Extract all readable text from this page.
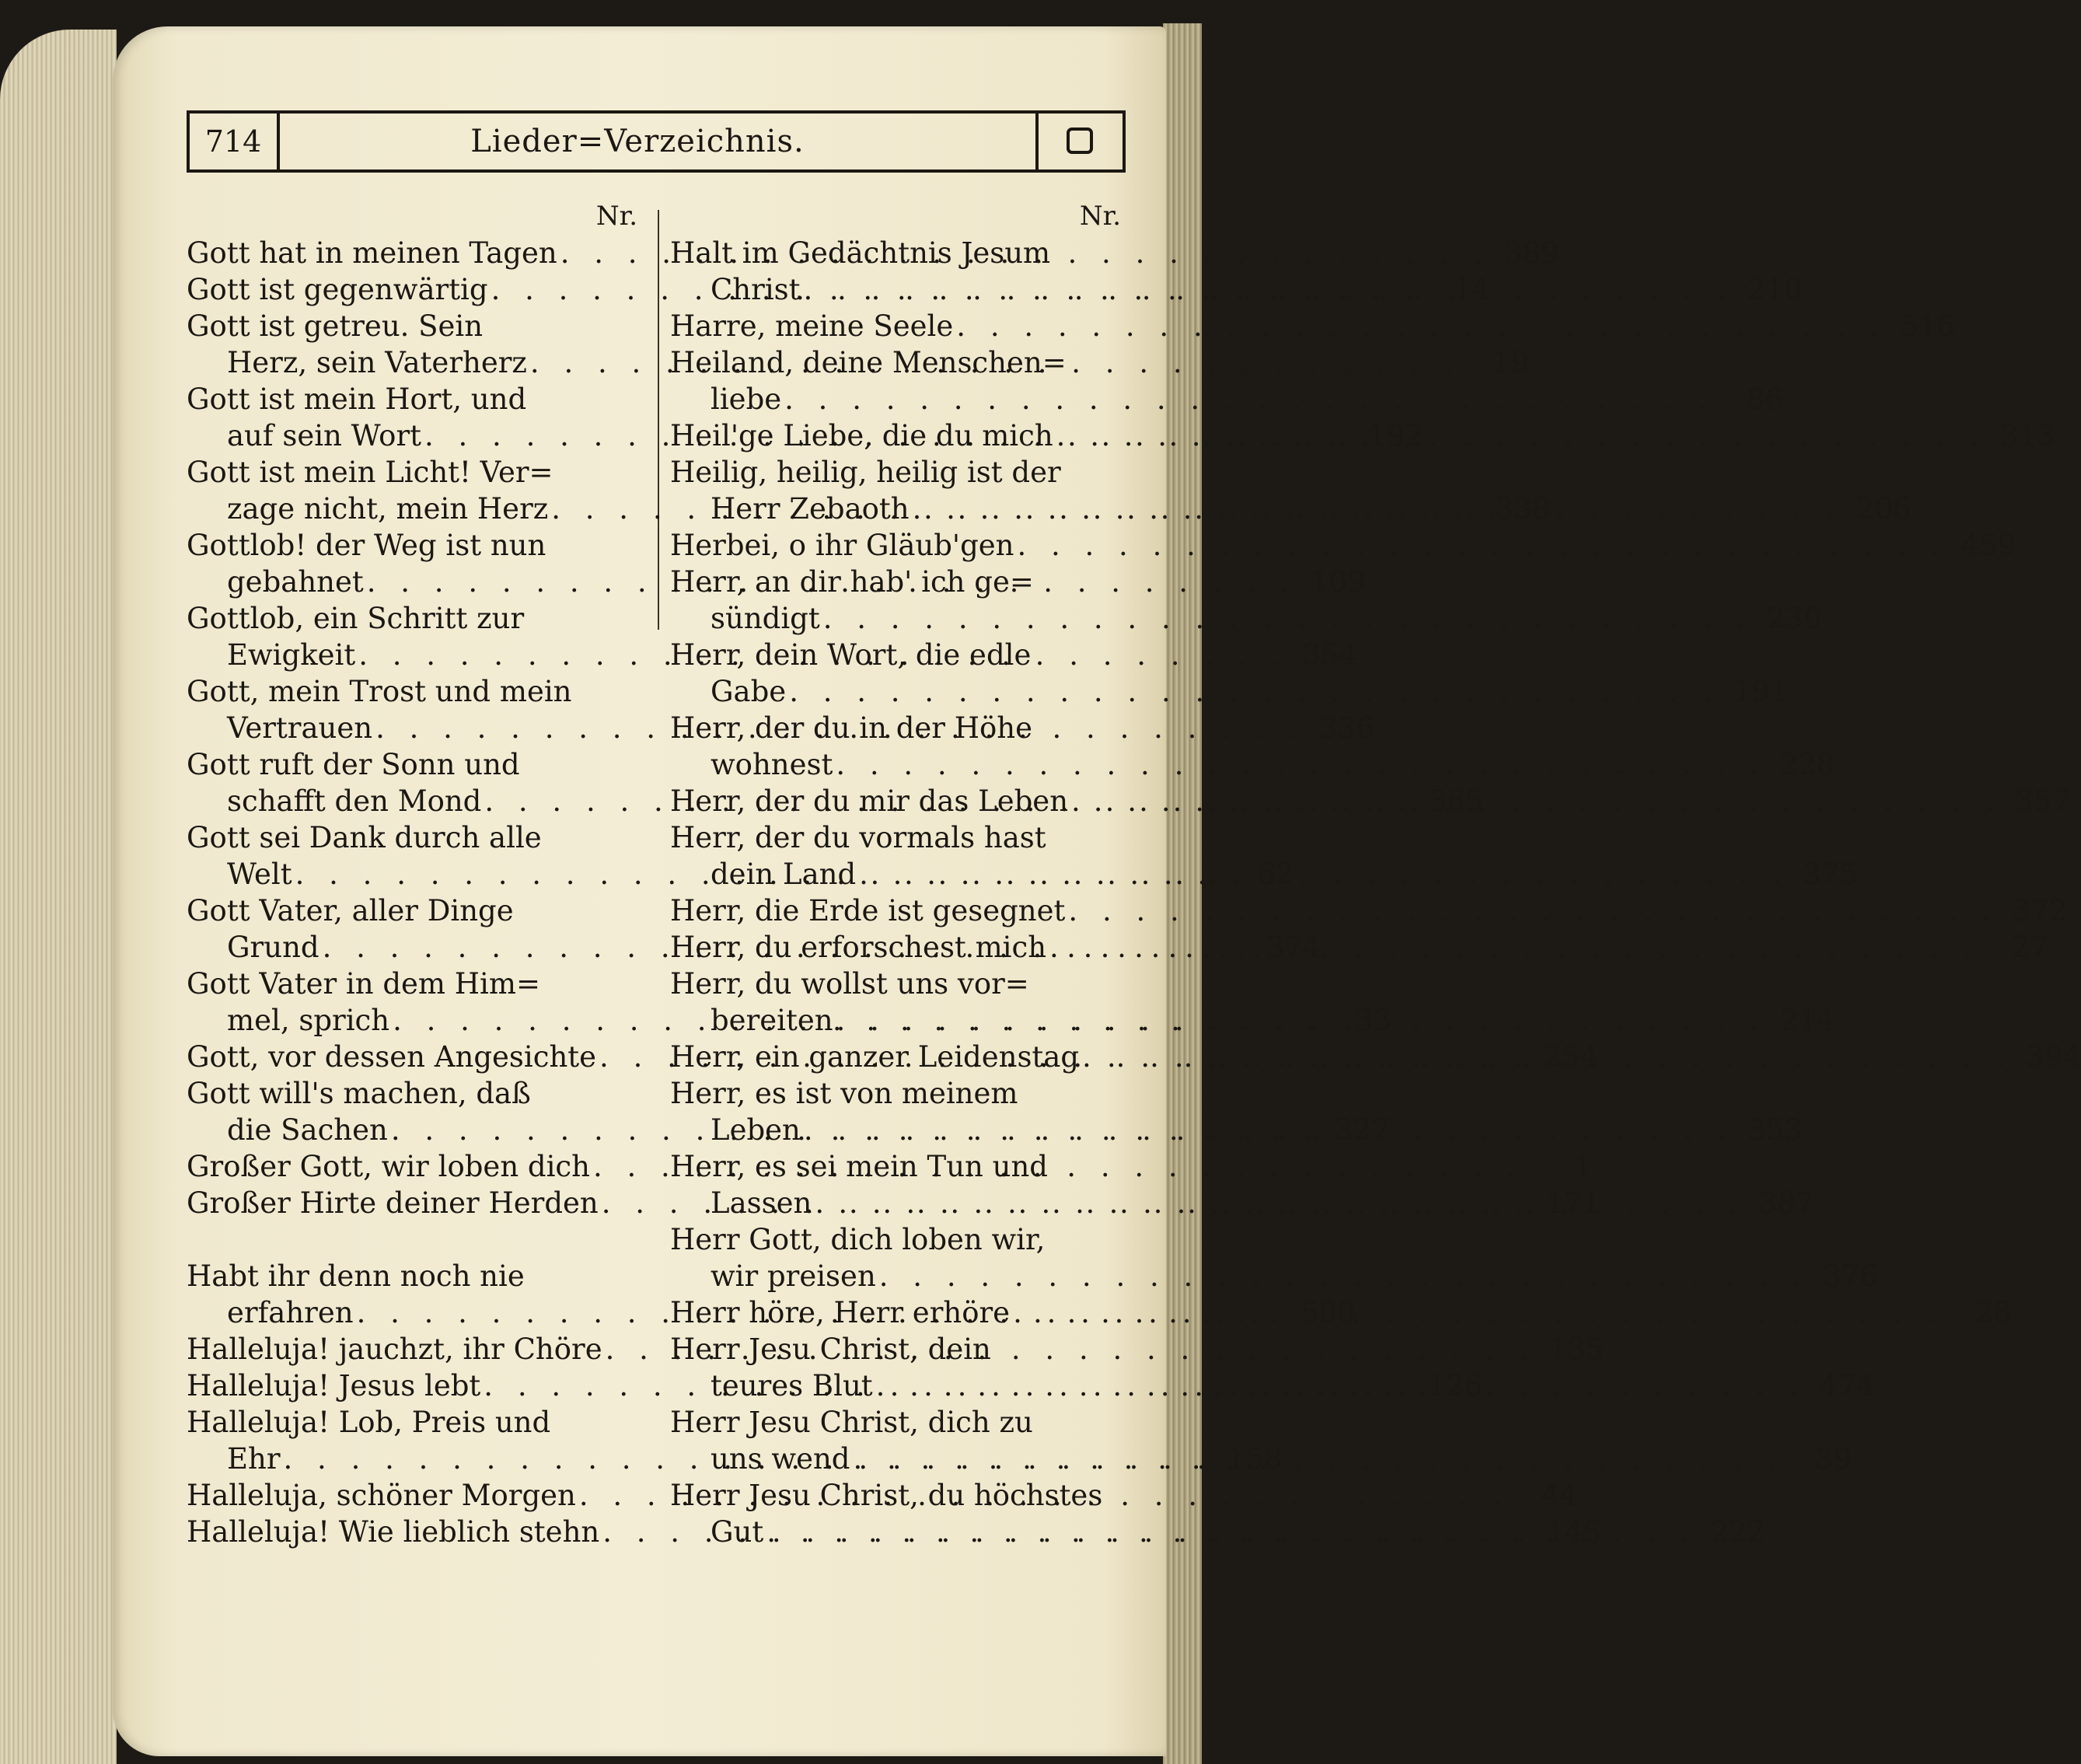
714	Lieder=Verzeichnis.
Nr.
Gott hat in meinen Tagen . . .	389
Gott ist gegenwärtig . . .	14
Gott ist getreu. Sein
Herz, sein Vaterherz . . .	19
Gott ist mein Hort, und
auf sein Wort . . .	192
Gott ist mein Licht! Ver=
zage nicht, mein Herz . . .	338
Gottlob! der Weg ist nun
gebahnet . . .	109
Gottlob, ein Schritt zur
Ewigkeit . . .	354
Gott, mein Trost und mein
Vertrauen . . .	336
Gott ruft der Sonn und
schafft den Mond . . .	365
Gott sei Dank durch alle
Welt . . .	62
Gott Vater, aller Dinge
Grund . . .	374
Gott Vater in dem Him=
mel, sprich . . .	33
Gott, vor dessen Angesichte . . .	254
Gott will's machen, daß
die Sachen . . .	327
Großer Gott, wir loben dich . . .	1
Großer Hirte deiner Herden . . .	171
Habt ihr denn noch nie
erfahren . . .	500
Halleluja! jauchzt, ihr Chöre . . .	135
Halleluja! Jesus lebt . . .	126
Halleluja! Lob, Preis und
Ehr . . .	158
Halleluja, schöner Morgen . . .	44
Halleluja! Wie lieblich stehn . . .	145
Nr.
Halt im Gedächtnis Jesum
Christ . . .	210
Harre, meine Seele . . .	516
Heiland, deine Menschen=
liebe . . .	86
Heil'ge Liebe, die du mich . . .	313
Heilig, heilig, heilig ist der
Herr Zebaoth . . .	206
Herbei, o ihr Gläub'gen . . .	459
Herr, an dir hab' ich ge=
sündigt . . .	230
Herr, dein Wort, die edle
Gabe . . .	191
Herr, der du in der Höhe
wohnest . . .	228
Herr, der du mir das Leben . . .	357
Herr, der du vormals hast
dein Land . . .	375
Herr, die Erde ist gesegnet . . .	372
Herr, du erforschest mich . . .	27
Herr, du wollst uns vor=
bereiten . . .	214
Herr, ein ganzer Leidenstag . . .	394
Herr, es ist von meinem
Leben . . .	353
Herr, es sei mein Tun und
Lassen . . .	387
Herr Gott, dich loben wir,
wir preisen . . .	376
Herr höre, Herr erhöre . . .	28
Herr Jesu Christ, dein
teures Blut . . .	474
Herr Jesu Christ, dich zu
uns wend . . .	39
Herr Jesu Christ, du höchstes
Gut . . .	222
